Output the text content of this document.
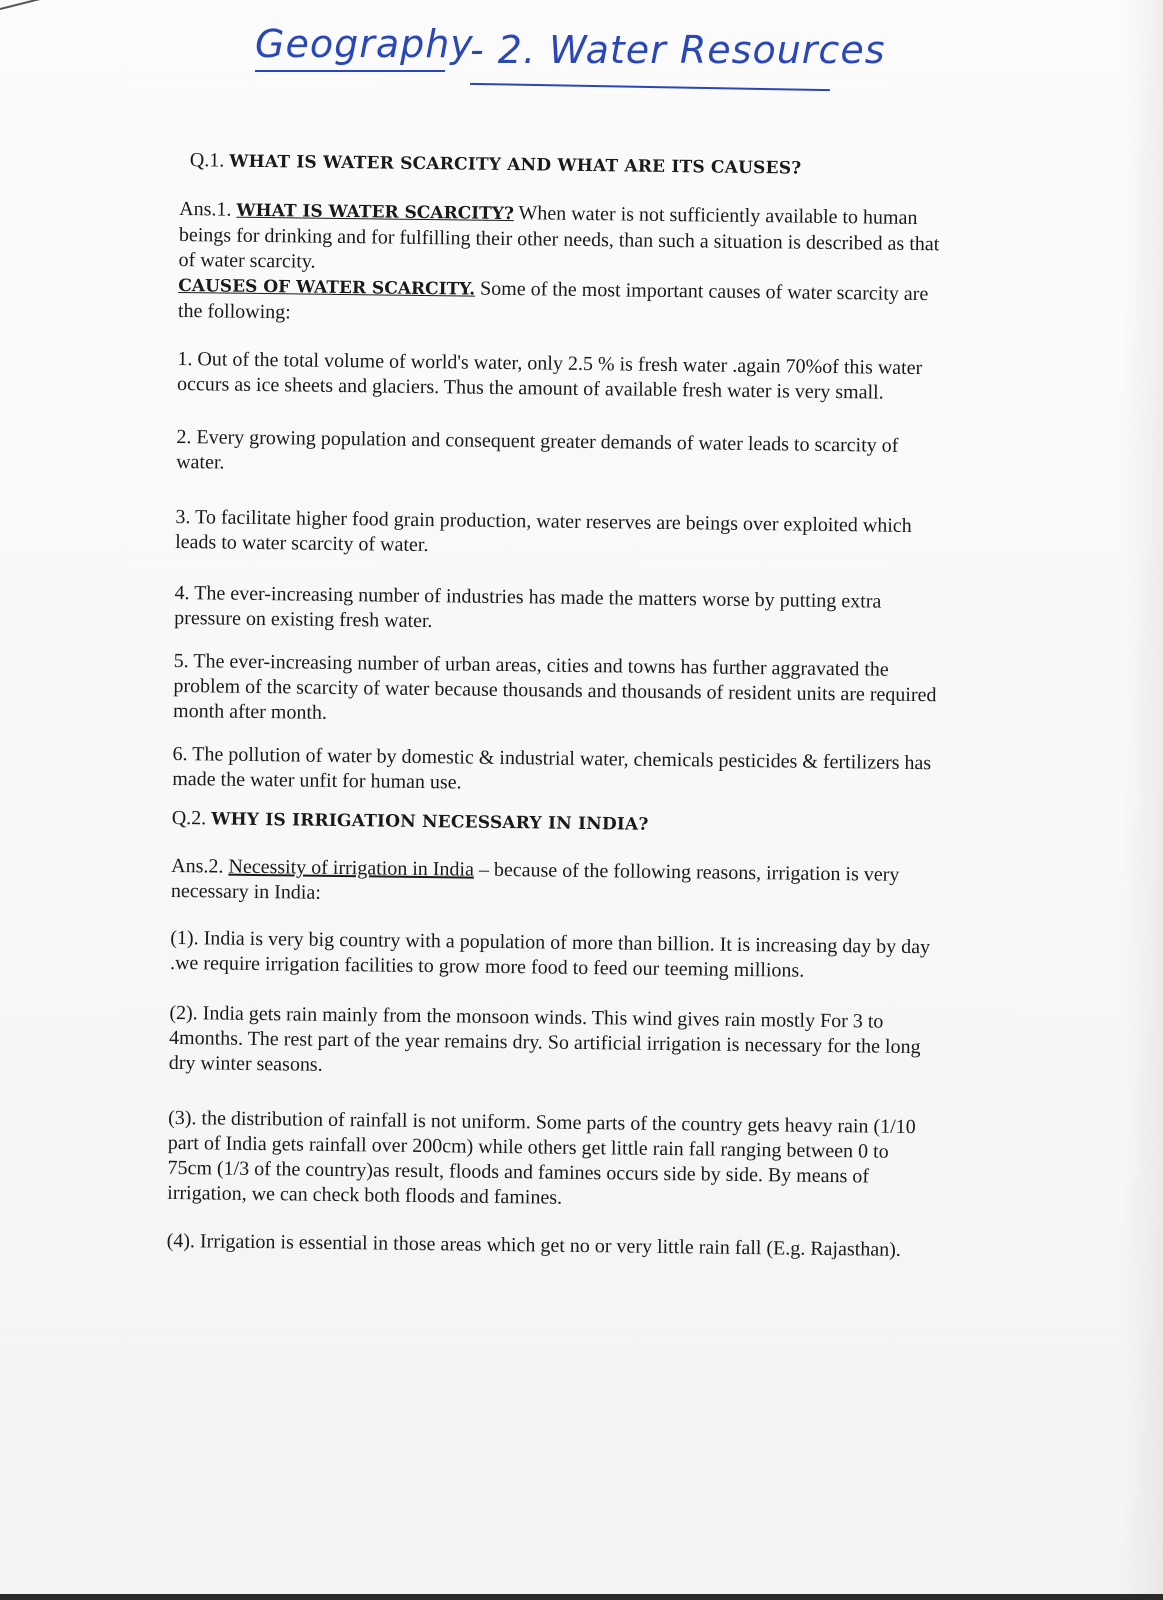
Geography
- 2. Water Resources

Q.1. WHAT IS WATER SCARCITY AND WHAT ARE ITS CAUSES?

Ans.1. WHAT IS WATER SCARCITY? When water is not sufficiently available to human beings for drinking and for fulfilling their other needs, than such a situation is described as that of water scarcity.

CAUSES OF WATER SCARCITY. Some of the most important causes of water scarcity are the following:

1. Out of the total volume of world's water, only 2.5 % is fresh water .again 70%of this water occurs as ice sheets and glaciers. Thus the amount of available fresh water is very small.

2. Every growing population and consequent greater demands of water leads to scarcity of water.

3. To facilitate higher food grain production, water reserves are beings over exploited which leads to water scarcity of water.

4. The ever-increasing number of industries has made the matters worse by putting extra pressure on existing fresh water.

5. The ever-increasing number of urban areas, cities and towns has further aggravated the problem of the scarcity of water because thousands and thousands of resident units are required month after month.

6. The pollution of water by domestic & industrial water, chemicals pesticides & fertilizers has made the water unfit for human use.

Q.2. WHY IS IRRIGATION NECESSARY IN INDIA?

Ans.2. Necessity of irrigation in India – because of the following reasons, irrigation is very necessary in India:

(1). India is very big country with a population of more than billion. It is increasing day by day .we require irrigation facilities to grow more food to feed our teeming millions.

(2). India gets rain mainly from the monsoon winds. This wind gives rain mostly For 3 to 4months. The rest part of the year remains dry. So artificial irrigation is necessary for the long dry winter seasons.

(3). the distribution of rainfall is not uniform. Some parts of the country gets heavy rain (1/10 part of India gets rainfall over 200cm) while others get little rain fall ranging between 0 to 75cm (1/3 of the country)as result, floods and famines occurs side by side. By means of irrigation, we can check both floods and famines.

(4). Irrigation is essential in those areas which get no or very little rain fall (E.g. Rajasthan).
